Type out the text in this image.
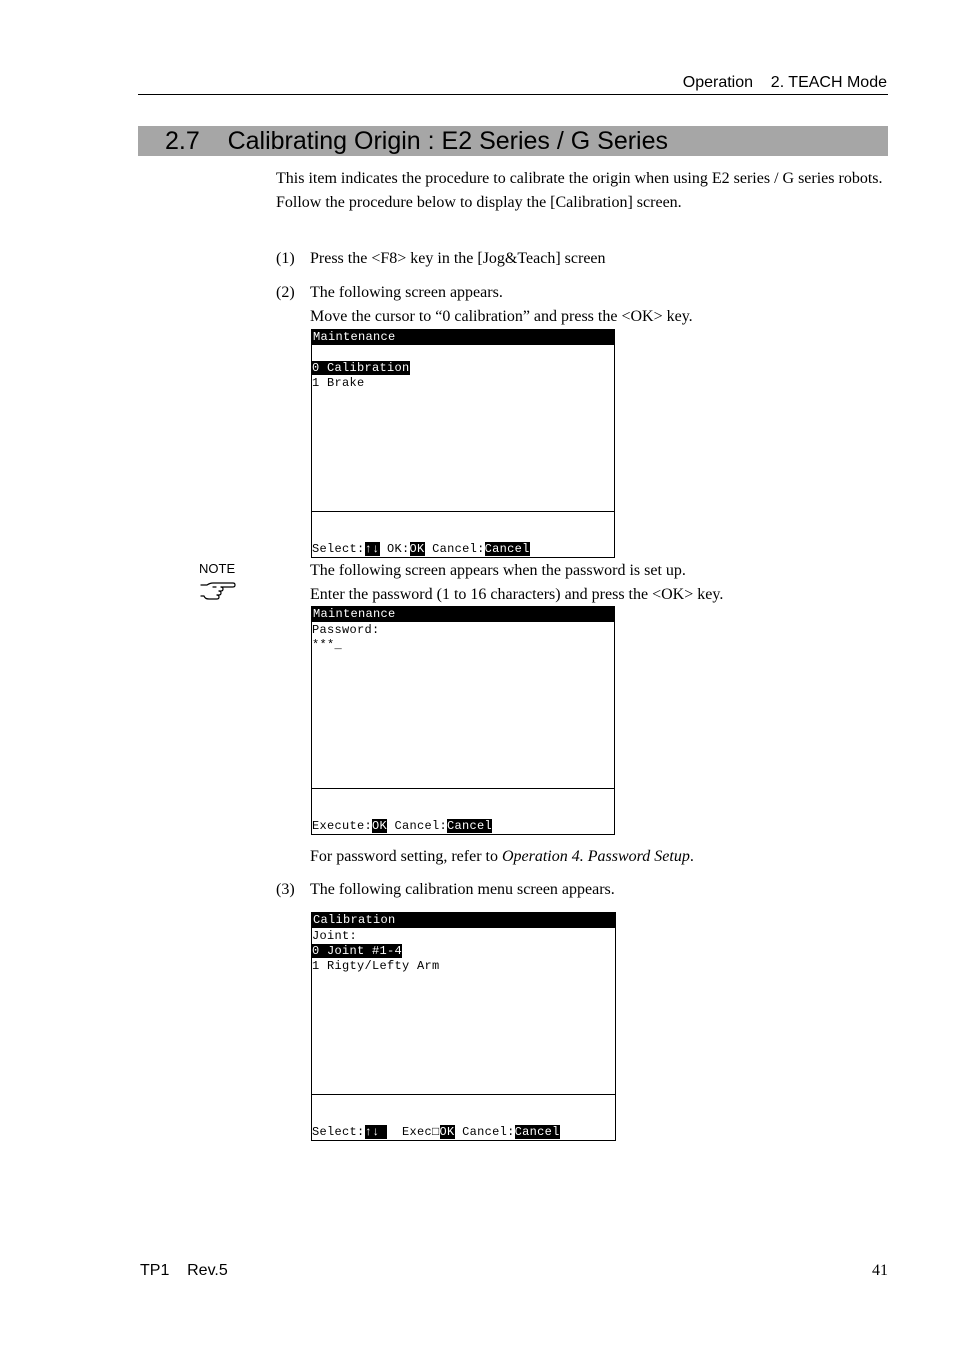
Operation    2. TEACH Mode
2.7 Calibrating Origin : E2 Series / G Series

This item indicates the procedure to calibrate the origin when using E2 series / G series robots.

Follow the procedure below to display the [Calibration] screen.

(1) Press the <F8> key in the [Jog&Teach] screen
(2) The following screen appears.

Move the cursor to “0 calibration” and press the <OK> key.

Maintenance
0 Calibration
1 Brake
Select:↑↓ OK:OK Cancel:Cancel
NOTE	The following screen appears when the password is set up.

Enter the password (1 to 16 characters) and press the <OK> key.

Maintenance
Password:
***_
Execute:OK Cancel:Cancel
For password setting, refer to Operation 4. Password Setup.
(3) The following calibration menu screen appears.
Calibration
Joint:
0 Joint #1-4
1 Rigty/Lefty Arm
Select:↑↓   Exec□OK Cancel:Cancel
TP1    Rev.5	41
